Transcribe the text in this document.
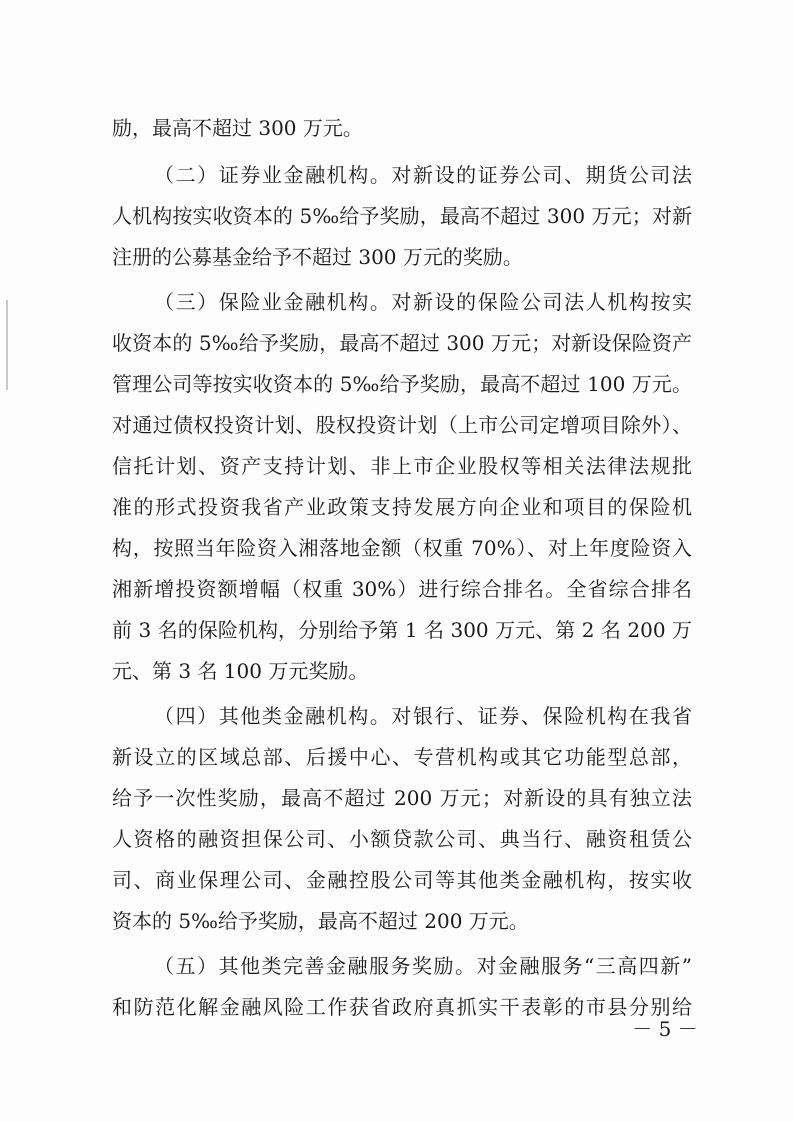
励，最高不超过 300 万元。
（二）证券业金融机构。对新设的证券公司、期货公司法
人机构按实收资本的 5‰给予奖励，最高不超过 300 万元；对新
注册的公募基金给予不超过 300 万元的奖励。
（三）保险业金融机构。对新设的保险公司法人机构按实
收资本的 5‰给予奖励，最高不超过 300 万元；对新设保险资产
管理公司等按实收资本的 5‰给予奖励，最高不超过 100 万元。
对通过债权投资计划、股权投资计划（上市公司定增项目除外）、
信托计划、资产支持计划、非上市企业股权等相关法律法规批
准的形式投资我省产业政策支持发展方向企业和项目的保险机
构，按照当年险资入湘落地金额（权重 70%）、对上年度险资入
湘新增投资额增幅（权重 30%）进行综合排名。全省综合排名
前 3 名的保险机构，分别给予第 1 名 300 万元、第 2 名 200 万
元、第 3 名 100 万元奖励。
（四）其他类金融机构。对银行、证券、保险机构在我省
新设立的区域总部、后援中心、专营机构或其它功能型总部，
给予一次性奖励，最高不超过 200 万元；对新设的具有独立法
人资格的融资担保公司、小额贷款公司、典当行、融资租赁公
司、商业保理公司、金融控股公司等其他类金融机构，按实收
资本的 5‰给予奖励，最高不超过 200 万元。
（五）其他类完善金融服务奖励。对金融服务“三高四新”
和防范化解金融风险工作获省政府真抓实干表彰的市县分别给
－ 5 －
